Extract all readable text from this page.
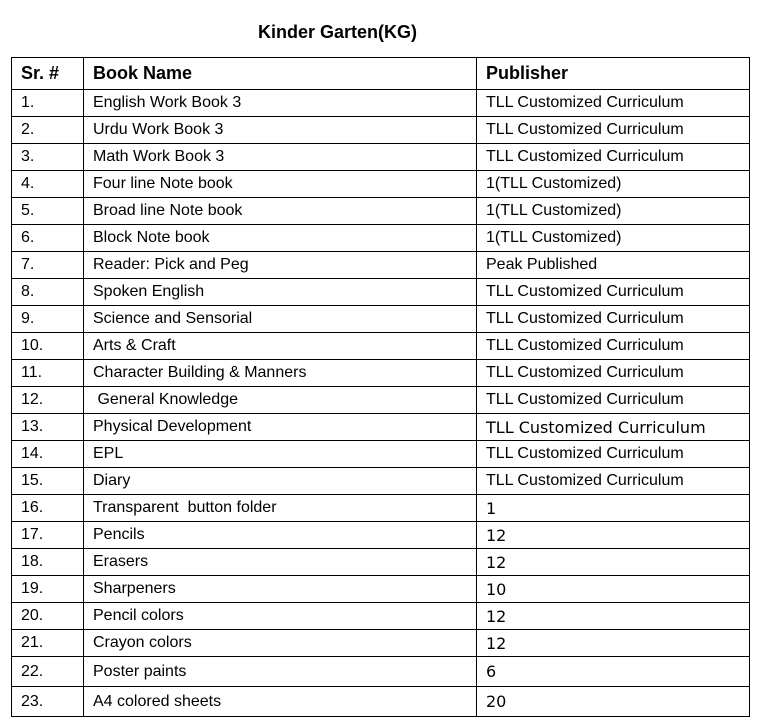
Kinder Garten(KG)
Sr. #	Book Name	Publisher
1.	English Work Book 3	TLL Customized Curriculum
2.	Urdu Work Book 3	TLL Customized Curriculum
3.	Math Work Book 3	TLL Customized Curriculum
4.	Four line Note book	1(TLL Customized)
5.	Broad line Note book	1(TLL Customized)
6.	Block Note book	1(TLL Customized)
7.	Reader: Pick and Peg	Peak Published
8.	Spoken English	TLL Customized Curriculum
9.	Science and Sensorial	TLL Customized Curriculum
10.	Arts & Craft	TLL Customized Curriculum
11.	Character Building & Manners	TLL Customized Curriculum
12.	General Knowledge	TLL Customized Curriculum
13.	Physical Development	TLL Customized Curriculum
14.	EPL	TLL Customized Curriculum
15.	Diary	TLL Customized Curriculum
16.	Transparent  button folder	1
17.	Pencils	12
18.	Erasers	12
19.	Sharpeners	10
20.	Pencil colors	12
21.	Crayon colors	12
22.	Poster paints	6
23.	A4 colored sheets	20
